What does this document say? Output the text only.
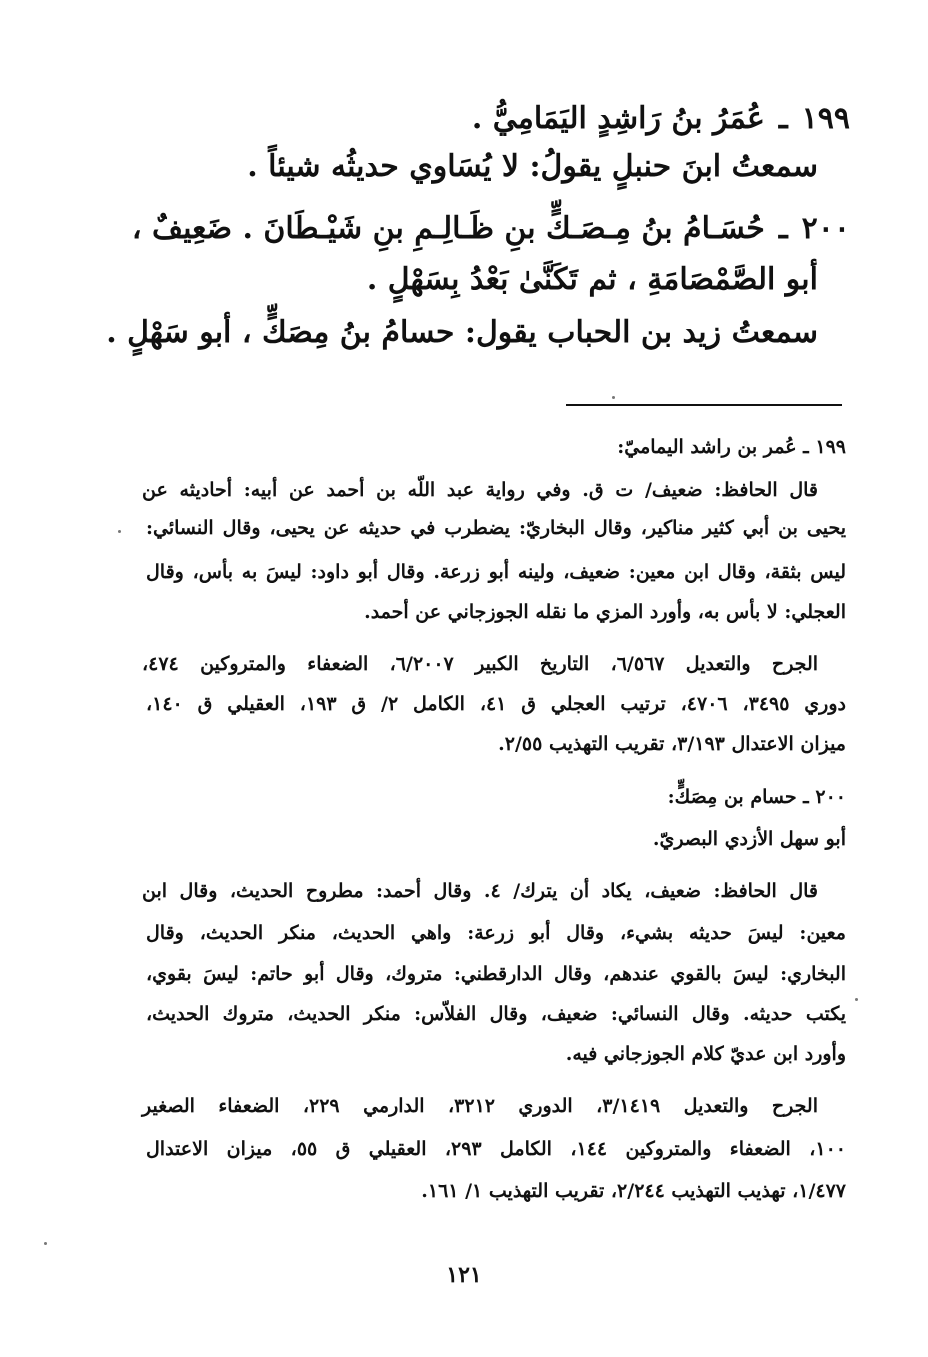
١٩٩ـعُمَرُ بنُ رَاشِدٍ اليَمَامِيُّ .
سمعتُ ابنَ حنبلٍ يقولُ: لا يُسَاوي حديثُه شيئاً .
٢٠٠ـحُسَـامُ بنُ مِـصَـكٍّ بنِ ظَـالِـمِ بنِ شَيْـطَانَ . ضَعِيفٌ ،
أبو الصَّمْصَامَةِ ، ثم تَكَنَّىٰ بَعْدُ بِسَهْلٍ .
سمعتُ زيد بن الحباب يقول: حسامُ بنُ مِصَكٍّ ، أبو سَهْلٍ .
١٩٩ ـ عُمر بن راشد اليماميّ:
قال الحافظ: ضعيف/ ت ق. وفي رواية عبد اللّه بن أحمد عن أبيه: أحاديثه عن
يحيى بن أبي كثير مناكير، وقال البخاريّ: يضطرب في حديثه عن يحيى، وقال النسائي:
ليس بثقة، وقال ابن معين: ضعيف، ولينه أبو زرعة. وقال أبو داود: ليسَ به بأس، وقال
العجلي: لا بأس به، وأورد المزي ما نقله الجوزجاني عن أحمد.
الجرح والتعديل ٦/٥٦٧، التاريخ الكبير ٦/٢٠٠٧، الضعفاء والمتروكين ٤٧٤،
دوري ٣٤٩٥، ٤٧٠٦، ترتيب العجلي ق ٤١، الكامل ٢/ ق ١٩٣، العقيلي ق ١٤٠،
ميزان الاعتدال ٣/١٩٣، تقريب التهذيب ٢/٥٥.
٢٠٠ ـ حسام بن مِصَكٍّ:
أبو سهل الأزدي البصريّ.
قال الحافظ: ضعيف، يكاد أن يترك/ ٤. وقال أحمد: مطروح الحديث، وقال ابن
معين: ليسَ حديثه بشيء، وقال أبو زرعة: واهي الحديث، منكر الحديث، وقال
البخاري: ليسَ بالقوي عندهم، وقال الدارقطني: متروك، وقال أبو حاتم: ليسَ بقوي،
يكتب حديثه. وقال النسائي: ضعيف، وقال الفلاّس: منكر الحديث، متروك الحديث،
وأورد ابن عديّ كلام الجوزجاني فيه.
الجرح والتعديل ٣/١٤١٩، الدوري ٣٢١٢، الدارمي ٢٢٩، الضعفاء الصغير
١٠٠، الضعفاء والمتروكين ١٤٤، الكامل ٢٩٣، العقيلي ق ٥٥، ميزان الاعتدال
١/٤٧٧، تهذيب التهذيب ٢/٢٤٤، تقريب التهذيب ١/ ١٦١.
١٢١
